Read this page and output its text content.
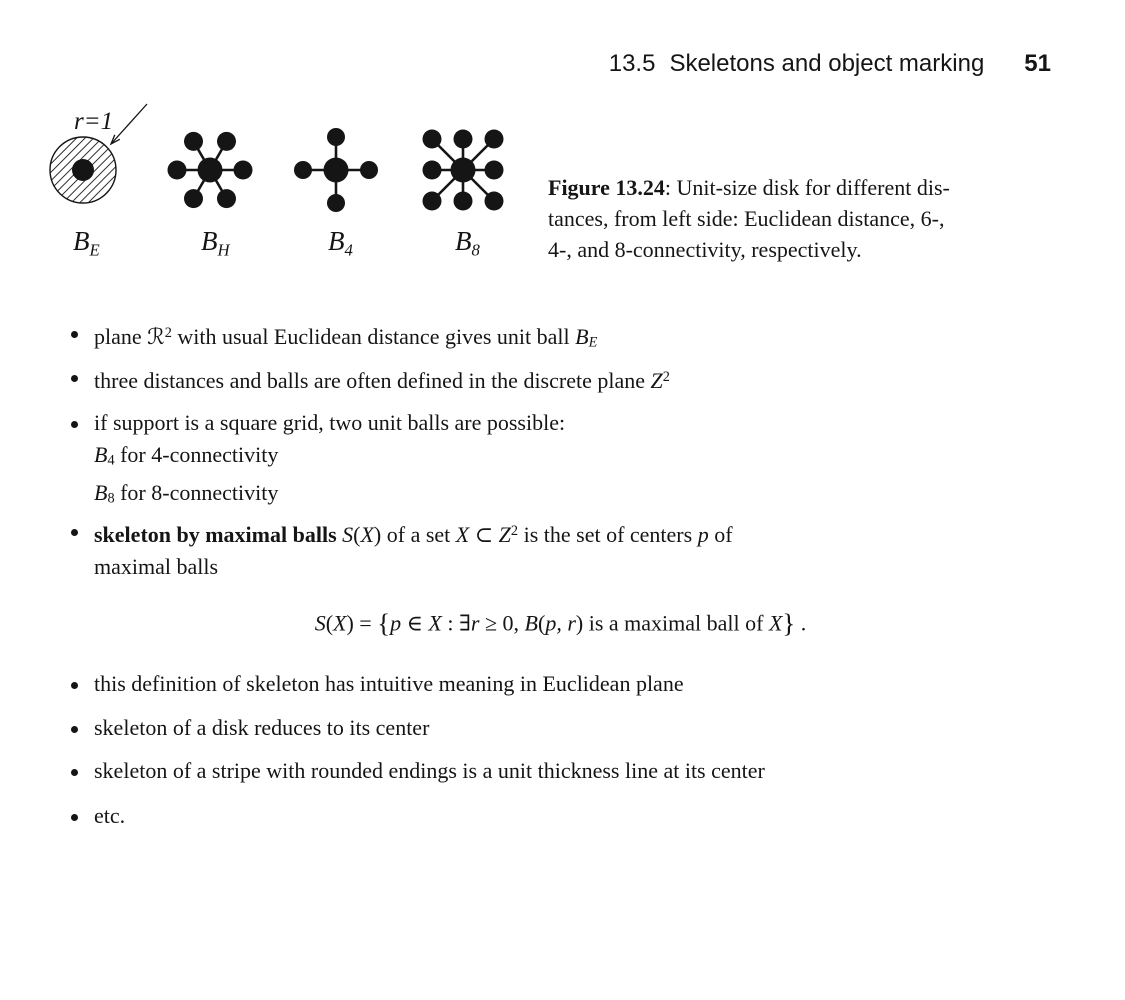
13.5 Skeletons and object marking 51
r=1
BE	BH	B4	B8
Figure 13.24: Unit-size disk for different dis-
tances, from left side: Euclidean distance, 6-,
4-, and 8-connectivity, respectively.
plane ℛ$^2$ with usual Euclidean distance gives unit ball BE
three distances and balls are often defined in the discrete plane $Z^2$
if support is a square grid, two unit balls are possible:
B4 for 4-connectivity
B8 for 8-connectivity
skeleton by maximal balls S(X) of a set X ⊂ $Z^2$ is the set of centers p of
maximal balls
S(X) = {p ∈ X : ∃r ≥ 0, B(p, r) is a maximal ball of X} .
this definition of skeleton has intuitive meaning in Euclidean plane
skeleton of a disk reduces to its center
skeleton of a stripe with rounded endings is a unit thickness line at its center
etc.
